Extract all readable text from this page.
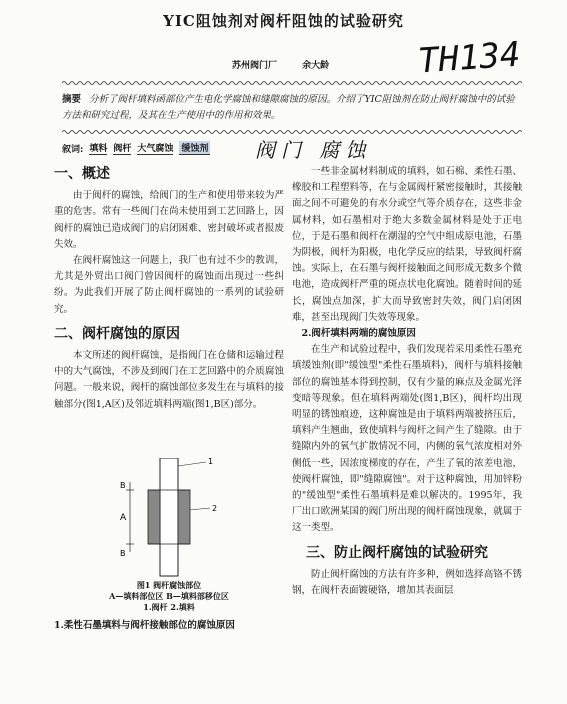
YIC阻蚀剂对阀杆阻蚀的试验研究
苏州阀门厂	余大龄	TH134
摘要 分析了阀杆填料函部位产生电化学腐蚀和缝隙腐蚀的原因。介绍了YIC阻蚀剂在防止阀杆腐蚀中的试验方法和研究过程，及其在生产使用中的作用和效果。
叙词: 填料 阀杆 大气腐蚀 缓蚀剂 阀门 腐蚀
一、概述

由于阀杆的腐蚀，给阀门的生产和使用带来较为严重的危害。常有一些阀门在尚未使用到工艺回路上，因阀杆的腐蚀已造成阀门的启闭困难、密封破坏或者报废失效。

在阀杆腐蚀这一问题上，我厂也有过不少的教训，尤其是外贸出口阀门曾因阀杆的腐蚀而出现过一些纠纷。为此我们开展了防止阀杆腐蚀的一系列的试验研究。

二、阀杆腐蚀的原因

本文所述的阀杆腐蚀，是指阀门在仓储和运输过程中的大气腐蚀，不涉及到阀门在工艺回路中的介质腐蚀问题。一般来说，阀杆的腐蚀部位多发生在与填料的接触部分(图1,A区)及邻近填料两端(图1,B区)部分。

A
B
B
1
2
图1 阀杆腐蚀部位
A—填料部位区 B—填料部移位区
1.阀杆 2.填料
1.柔性石墨填料与阀杆接触部位的腐蚀原因

一些非金属材料制成的填料，如石棉、柔性石墨、橡胶和工程塑料等，在与金属阀杆紧密接触时，其接触面之间不可避免的有水分或空气等介质存在，这些非金属材料，如石墨相对于绝大多数金属材料是处于正电位，于是石墨和阀杆在潮湿的空气中组成原电池，石墨为阴极，阀杆为阳极，电化学反应的结果，导致阀杆腐蚀。实际上，在石墨与阀杆接触面之间形成无数多个微电池，造成阀杆严重的斑点状电化腐蚀。随着时间的延长，腐蚀点加深，扩大而导致密封失效，阀门启闭困难，甚至出现阀门失效等现象。

2.阀杆填料两端的腐蚀原因

在生产和试验过程中，我们发现若采用柔性石墨充填缓蚀剂(即"缓蚀型"柔性石墨填料)，阀杆与填料接触部位的腐蚀基本得到控制，仅有少量的麻点及金属光泽变暗等现象。但在填料两端处(图1,B区)，阀杆均出现明显的锈蚀痕迹，这种腐蚀是由于填料两端被挤压后，填料产生翘曲，致使填料与阀杆之间产生了缝隙。由于缝隙内外的氧气扩散情况不同，内侧的氧气浓度相对外侧低一些，因浓度梯度的存在，产生了氧的浓差电池，使阀杆腐蚀，即"缝隙腐蚀"。对于这种腐蚀，用加锌粉的"缓蚀型"柔性石墨填料是难以解决的。1995年，我厂出口欧洲某国的阀门所出现的阀杆腐蚀现象，就属于这一类型。

三、防止阀杆腐蚀的试验研究

防止阀杆腐蚀的方法有许多种，例如选择高铬不锈钢，在阀杆表面镀硬铬，增加其表面层
